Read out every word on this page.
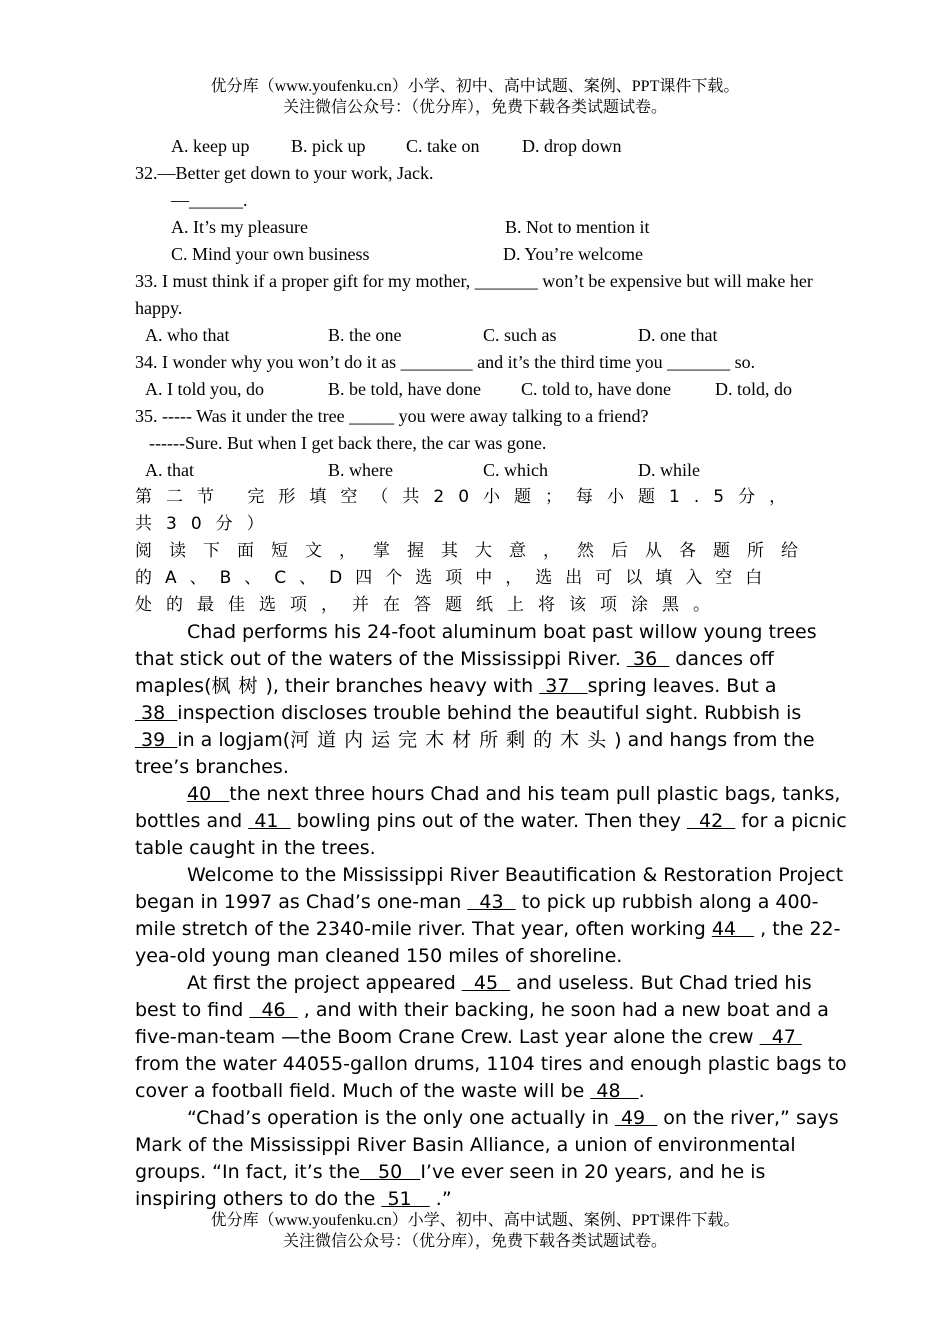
优分库（www.youfenku.cn）小学、初中、高中试题、案例、PPT课件下载。
关注微信公众号：（优分库），免费下载各类试题试卷。
A. keep up	B. pick up	C. take on	D. drop down
32.—Better get down to your work, Jack.
—______.
A. It’s my pleasure	B. Not to mention it
C. Mind your own business	D. You’re welcome
33. I must think if a proper gift for my mother, _______ won’t be expensive but will make her happy.
A. who that	B. the one	C. such as	D. one that
34. I wonder why you won’t do it as ________ and it’s the third time you _______ so.
A. I told you, do	B. be told, have done	C. told to, have done	D. told, do
35. ----- Was it under the tree _____ you were away talking to a friend?
------Sure. But when I get back there, the car was gone.
A. that	B. where	C. which	D. while
第二节 完形填空（共20小题；每小题1.5分，
共30分）
阅读下面短文，掌握其大意，然后从各题所给
的A、B、C、D四个选项中，选出可以填入空白
处的最佳选项，并在答题纸上将该项涂黑。

Chad performs his 24-foot aluminum boat past willow young trees that stick out of the waters of the Mississippi River.  36   dances off maples(枫树), their branches heavy with  37   spring leaves. But a 38  inspection discloses trouble behind the beautiful sight. Rubbish is 39  in a logjam(河道内运完木材所剩的木头) and hangs from the tree’s branches.

40   the next three hours Chad and his team pull plastic bags, tanks, bottles and  41   bowling pins out of the water. Then they   42   for a picnic table caught in the trees.

Welcome to the Mississippi River Beautification & Restoration Project began in 1997 as Chad’s one-man   43   to pick up rubbish along a 400-mile stretch of the 2340-mile river. That year, often working 44    , the 22-yea-old young man cleaned 150 miles of shoreline.

At first the project appeared   45   and useless. But Chad tried his best to find   46   , and with their backing, he soon had a new boat and a five-man-team —the Boom Crane Crew. Last year alone the crew   47  from the water 44055-gallon drums, 1104 tires and enough plastic bags to cover a football field. Much of the waste will be  48   .

“Chad’s operation is the only one actually in  49   on the river,” says Mark of the Mississippi River Basin Alliance, a union of environmental groups. “In fact, it’s the   50   I’ve ever seen in 20 years, and he is inspiring others to do the  51    .”

优分库（www.youfenku.cn）小学、初中、高中试题、案例、PPT课件下载。
关注微信公众号：（优分库），免费下载各类试题试卷。
